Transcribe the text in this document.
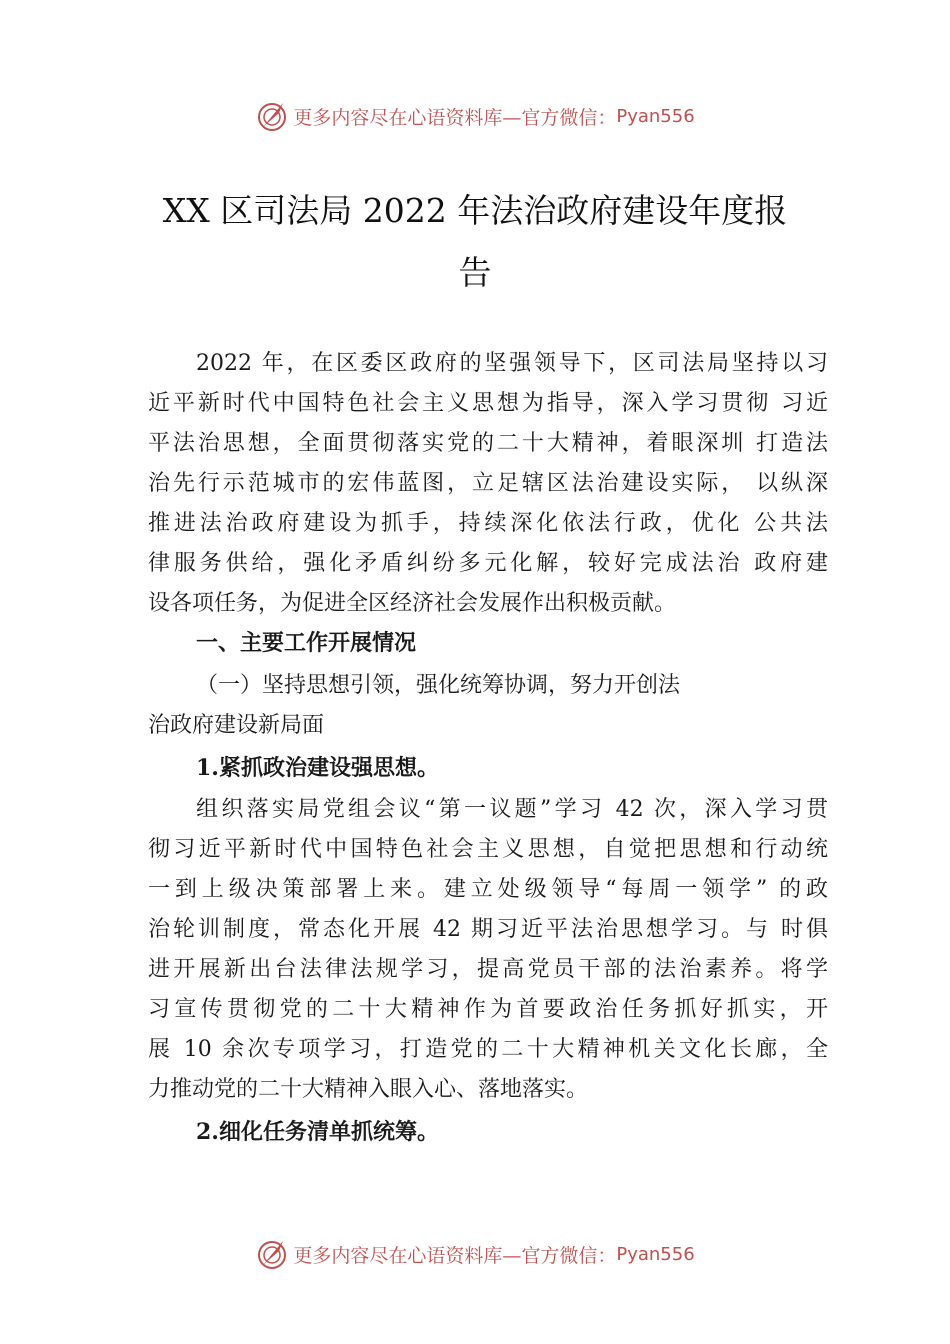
更多内容尽在心语资料库—官方微信： Pyan556
XX 区司法局 2022 年法治政府建设年度报
告
2022 年，在区委区政府的坚强领导下，区司法局坚持以习
近平新时代中国特色社会主义思想为指导，深入学习贯彻 习近
平法治思想，全面贯彻落实党的二十大精神，着眼深圳 打造法
治先行示范城市的宏伟蓝图，立足辖区法治建设实际， 以纵深
推进法治政府建设为抓手，持续深化依法行政，优化 公共法
律服务供给，强化矛盾纠纷多元化解，较好完成法治 政府建
设各项任务，为促进全区经济社会发展作出积极贡献。
一、主要工作开展情况
（一）坚持思想引领，强化统筹协调，努力开创法
治政府建设新局面
1.紧抓政治建设强思想。
组织落实局党组会议“第一议题”学习 42 次，深入学习贯
彻习近平新时代中国特色社会主义思想，自觉把思想和行动统
一到上级决策部署上来。建立处级领导“每周一领学” 的政
治轮训制度，常态化开展 42 期习近平法治思想学习。与 时俱
进开展新出台法律法规学习，提高党员干部的法治素养。将学
习宣传贯彻党的二十大精神作为首要政治任务抓好抓实，开
展 10 余次专项学习，打造党的二十大精神机关文化长廊，全
力推动党的二十大精神入眼入心、落地落实。
2.细化任务清单抓统筹。
更多内容尽在心语资料库—官方微信： Pyan556
